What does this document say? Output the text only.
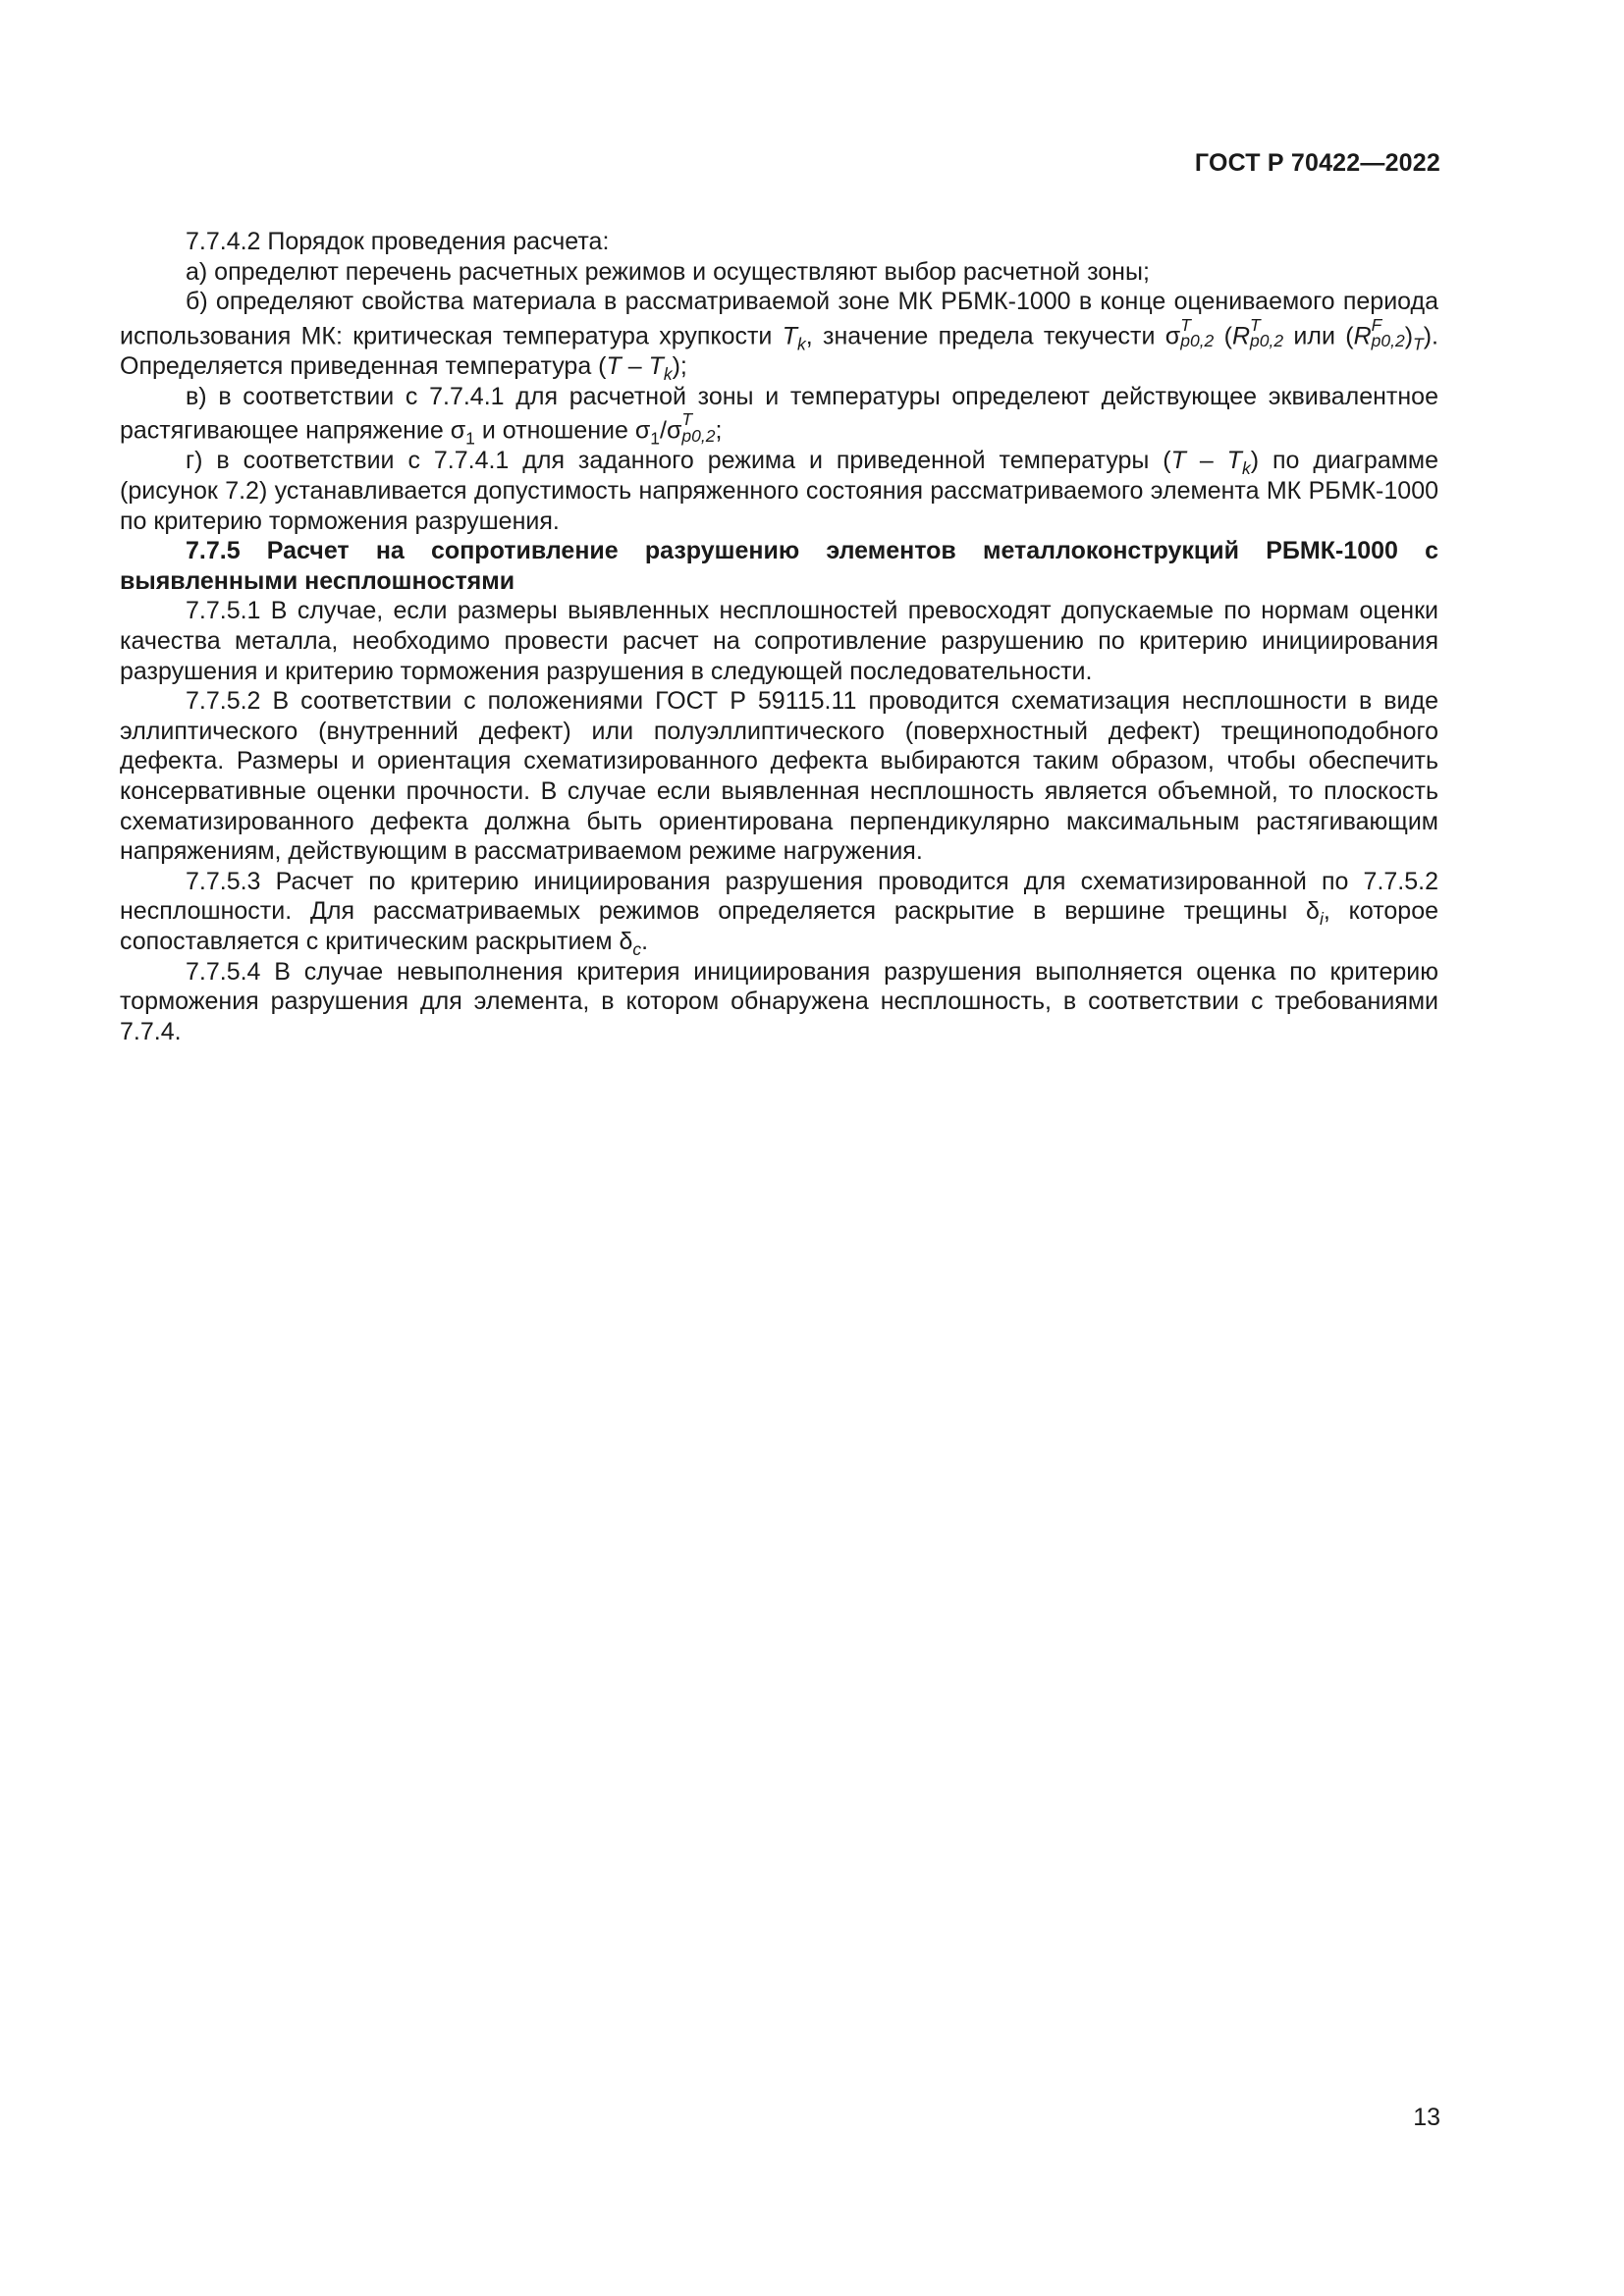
ГОСТ Р 70422—2022

7.7.4.2 Порядок проведения расчета:

а) определют перечень расчетных режимов и осуществляют выбор расчетной зоны;

б) определяют свойства материала в рассматриваемой зоне МК РБМК-1000 в конце оцениваемого периода использования МК: критическая температура хрупкости $T_k$, значение предела текучести σ T
p0,2 (R T
p0,2 или (R F
p0,2 )$_T$). Определяется приведенная температура $(T - T_k)$;

в) в соответствии с 7.7.4.1 для расчетной зоны и температуры определеют действующее эквивалентное растягивающее напряжение $\sigma_1$ и отношение $\sigma_1/\sigma$ T
p0,2 ;

г) в соответствии с 7.7.4.1 для заданного режима и приведенной температуры $(T - T_k)$ по диаграмме (рисунок 7.2) устанавливается допустимость напряженного состояния рассматриваемого элемента МК РБМК-1000 по критерию торможения разрушения.

7.7.5 Расчет на сопротивление разрушению элементов металлоконструкций РБМК-1000 с выявленными несплошностями

7.7.5.1 В случае, если размеры выявленных несплошностей превосходят допускаемые по нормам оценки качества металла, необходимо провести расчет на сопротивление разрушению по критерию инициирования разрушения и критерию торможения разрушения в следующей последовательности.

7.7.5.2 В соответствии с положениями ГОСТ Р 59115.11 проводится схематизация несплошности в виде эллиптического (внутренний дефект) или полуэллиптического (поверхностный дефект) трещиноподобного дефекта. Размеры и ориентация схематизированного дефекта выбираются таким образом, чтобы обеспечить консервативные оценки прочности. В случае если выявленная несплошность является объемной, то плоскость схематизированного дефекта должна быть ориентирована перпендикулярно максимальным растягивающим напряжениям, действующим в рассматриваемом режиме нагружения.

7.7.5.3 Расчет по критерию инициирования разрушения проводится для схематизированной по 7.7.5.2 несплошности. Для рассматриваемых режимов определяется раскрытие в вершине трещины $\delta_i$, которое сопоставляется с критическим раскрытием $\delta_c$.

7.7.5.4 В случае невыполнения критерия инициирования разрушения выполняется оценка по критерию торможения разрушения для элемента, в котором обнаружена несплошность, в соответствии с требованиями 7.7.4.

13
